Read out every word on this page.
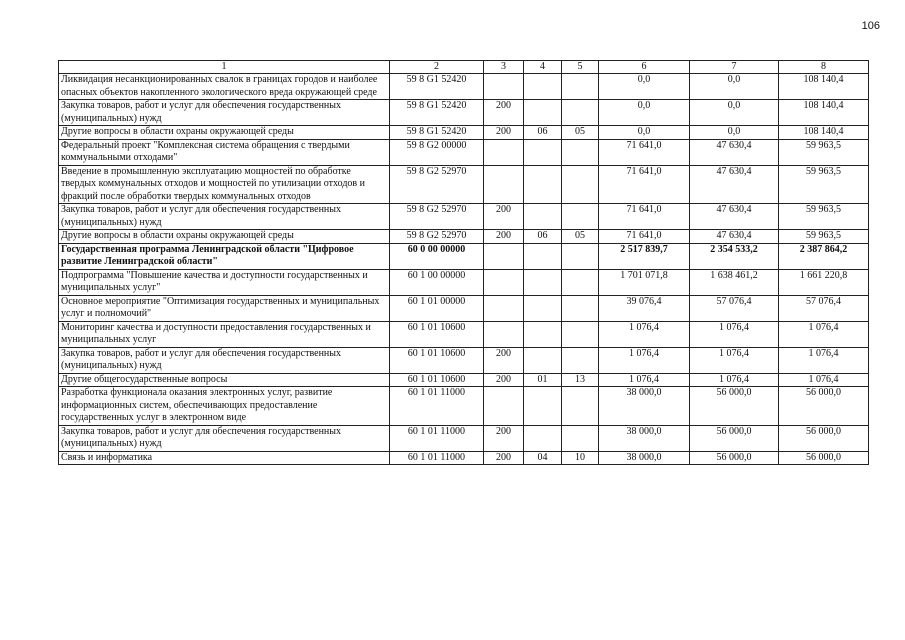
106
1	2	3	4	5	6	7	8
Ликвидация несанкционированных свалок в границах городов и наиболее опасных объектов накопленного экологического вреда окружающей среде	59 8 G1 52420				0,0	0,0	108 140,4
Закупка товаров, работ и услуг для обеспечения государственных (муниципальных) нужд	59 8 G1 52420	200			0,0	0,0	108 140,4
Другие вопросы в области охраны окружающей среды	59 8 G1 52420	200	06	05	0,0	0,0	108 140,4
Федеральный проект "Комплексная система обращения с твердыми коммунальными отходами"	59 8 G2 00000				71 641,0	47 630,4	59 963,5
Введение в промышленную эксплуатацию мощностей по обработке твердых коммунальных отходов и мощностей по утилизации отходов и фракций после обработки твердых коммунальных отходов	59 8 G2 52970				71 641,0	47 630,4	59 963,5
Закупка товаров, работ и услуг для обеспечения государственных (муниципальных) нужд	59 8 G2 52970	200			71 641,0	47 630,4	59 963,5
Другие вопросы в области охраны окружающей среды	59 8 G2 52970	200	06	05	71 641,0	47 630,4	59 963,5
Государственная программа Ленинградской области "Цифровое развитие Ленинградской области"	60 0 00 00000				2 517 839,7	2 354 533,2	2 387 864,2
Подпрограмма "Повышение качества и доступности государственных и муниципальных услуг"	60 1 00 00000				1 701 071,8	1 638 461,2	1 661 220,8
Основное мероприятие "Оптимизация государственных и муниципальных услуг и полномочий"	60 1 01 00000				39 076,4	57 076,4	57 076,4
Мониторинг качества и доступности предоставления государственных и муниципальных услуг	60 1 01 10600				1 076,4	1 076,4	1 076,4
Закупка товаров, работ и услуг для обеспечения государственных (муниципальных) нужд	60 1 01 10600	200			1 076,4	1 076,4	1 076,4
Другие общегосударственные вопросы	60 1 01 10600	200	01	13	1 076,4	1 076,4	1 076,4
Разработка функционала оказания электронных услуг, развитие информационных систем, обеспечивающих предоставление государственных услуг в электронном виде	60 1 01 11000				38 000,0	56 000,0	56 000,0
Закупка товаров, работ и услуг для обеспечения государственных (муниципальных) нужд	60 1 01 11000	200			38 000,0	56 000,0	56 000,0
Связь и информатика	60 1 01 11000	200	04	10	38 000,0	56 000,0	56 000,0
